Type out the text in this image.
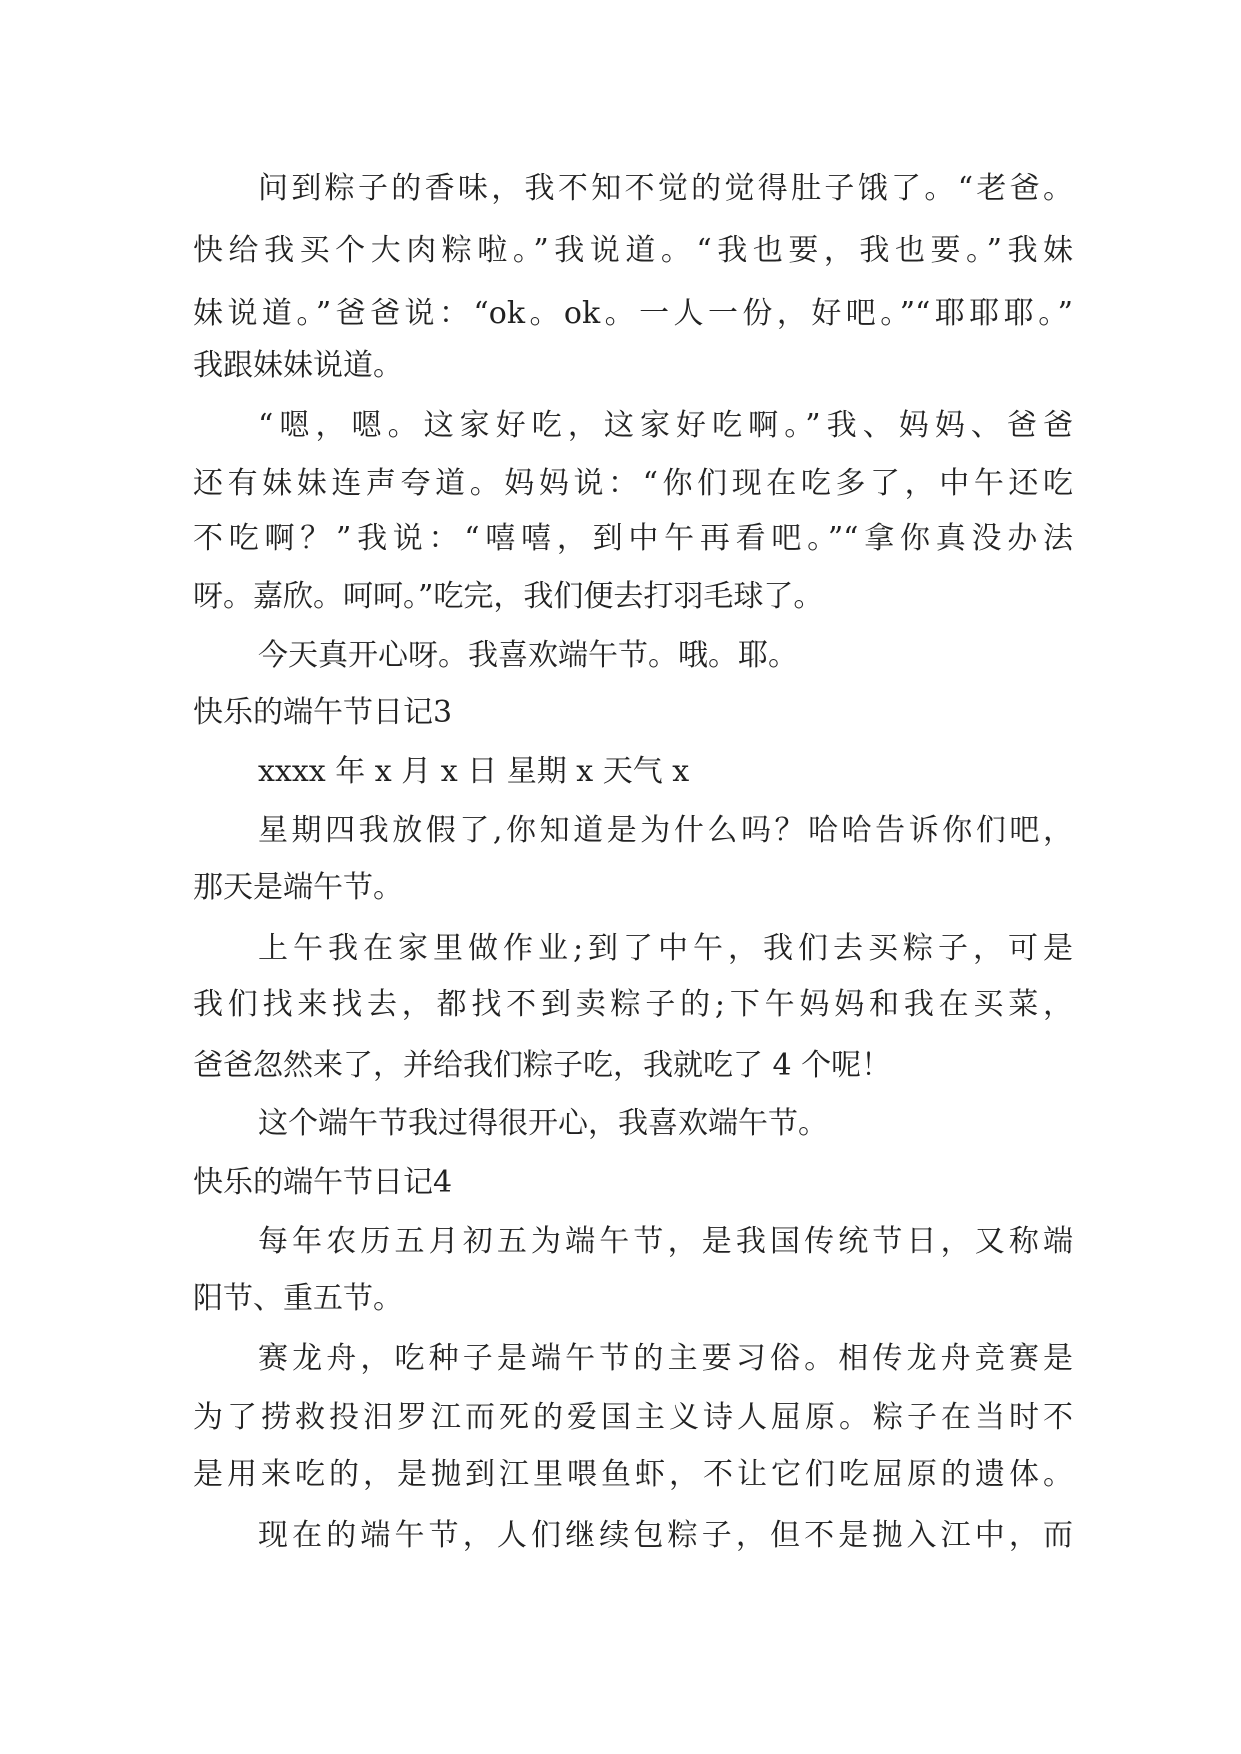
问到粽子的香味，我不知不觉的觉得肚子饿了。“老爸。

快给我买个大肉粽啦。”我说道。“我也要，我也要。”我妹

妹说道。”爸爸说：“ok。ok。一人一份，好吧。”“耶耶耶。”

我跟妹妹说道。

“嗯，嗯。这家好吃，这家好吃啊。”我、妈妈、爸爸

还有妹妹连声夸道。妈妈说：“你们现在吃多了，中午还吃

不吃啊？”我说：“嘻嘻，到中午再看吧。”“拿你真没办法

呀。嘉欣。呵呵。”吃完，我们便去打羽毛球了。

今天真开心呀。我喜欢端午节。哦。耶。

快乐的端午节日记3

xxxx 年 x 月 x 日 星期 x 天气 x

星期四我放假了,你知道是为什么吗？哈哈告诉你们吧，

那天是端午节。

上午我在家里做作业;到了中午，我们去买粽子，可是

我们找来找去，都找不到卖粽子的;下午妈妈和我在买菜，

爸爸忽然来了，并给我们粽子吃，我就吃了 4 个呢！

这个端午节我过得很开心，我喜欢端午节。

快乐的端午节日记4

每年农历五月初五为端午节，是我国传统节日，又称端

阳节、重五节。

赛龙舟，吃种子是端午节的主要习俗。相传龙舟竞赛是

为了捞救投汨罗江而死的爱国主义诗人屈原。粽子在当时不

是用来吃的，是抛到江里喂鱼虾，不让它们吃屈原的遗体。

现在的端午节，人们继续包粽子，但不是抛入江中，而
